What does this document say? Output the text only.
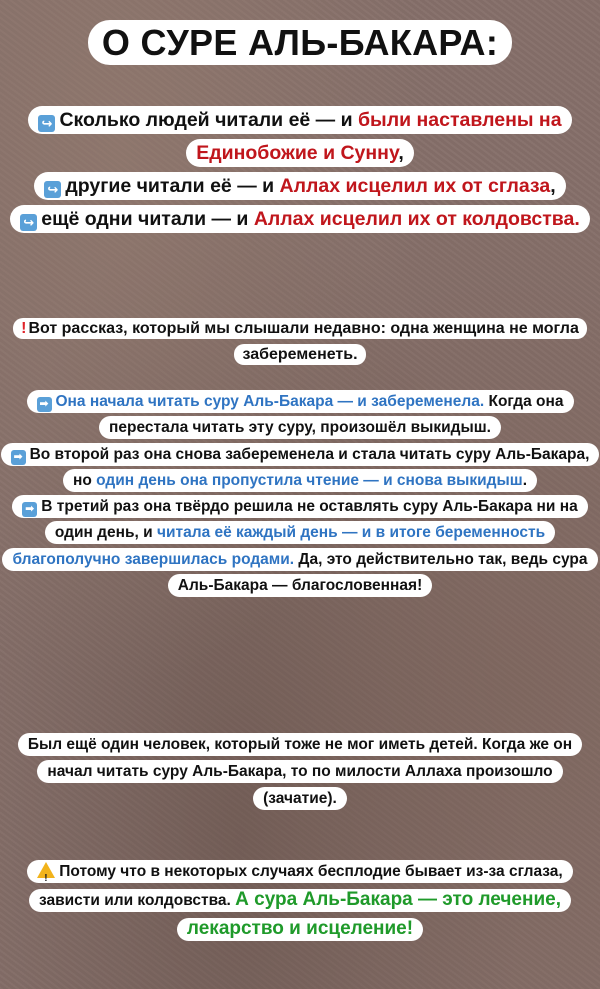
О СУРЕ АЛЬ-БАКАРА:
↪ Сколько людей читали её — и были наставлены на Единобожие и Сунну,
↪ другие читали её — и Аллах исцелил их от сглаза,
↪ ещё одни читали — и Аллах исцелил их от колдовства.
! Вот рассказ, который мы слышали недавно: одна женщина не могла забеременеть.
➡ Она начала читать суру Аль-Бакара — и забеременела. Когда она перестала читать эту суру, произошёл выкидыш.
➡ Во второй раз она снова забеременела и стала читать суру Аль-Бакара, но один день она пропустила чтение — и снова выкидыш.
➡ В третий раз она твёрдо решила не оставлять суру Аль-Бакара ни на один день, и читала её каждый день — и в итоге беременность благополучно завершилась родами. Да, это действительно так, ведь сура Аль-Бакара — благословенная!
Был ещё один человек, который тоже не мог иметь детей. Когда же он начал читать суру Аль-Бакара, то по милости Аллаха произошло (зачатие).
!Потому что в некоторых случаях бесплодие бывает из-за сглаза, зависти или колдовства. А сура Аль-Бакара — это лечение, лекарство и исцеление!
